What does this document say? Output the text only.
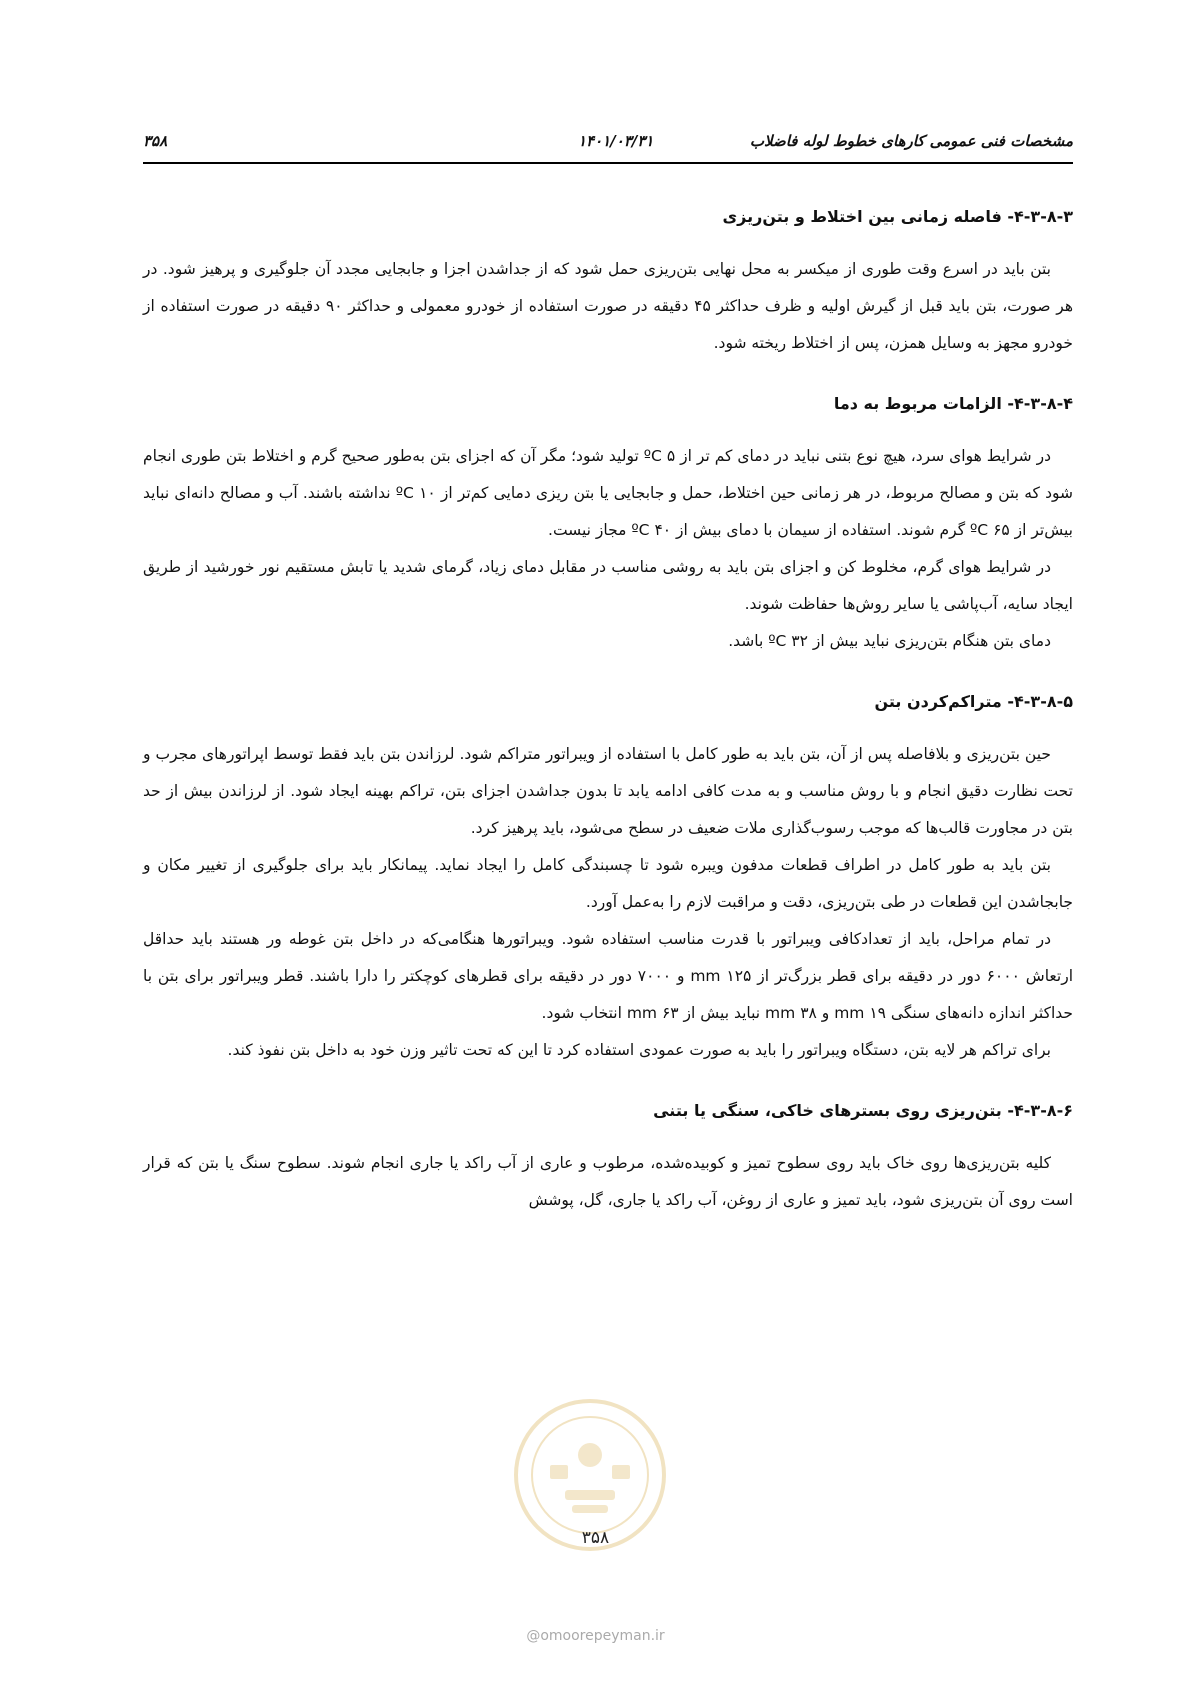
مشخصات فنی عمومی کارهای خطوط لوله فاضلاب
۱۴۰۱/۰۳/۳۱
۳۵۸
۴-۳-۸-۳- فاصله زمانی بین اختلاط و بتن‌ریزی

بتن باید در اسرع وقت طوری از میکسر به محل نهایی بتن‌ریزی حمل شود که از جداشدن اجزا و جابجایی مجدد آن جلوگیری و پرهیز شود. در هر صورت، بتن باید قبل از گیرش اولیه و ظرف حداکثر ۴۵ دقیقه در صورت استفاده از خودرو معمولی و حداکثر ۹۰ دقیقه در صورت استفاده از خودرو مجهز به وسایل همزن، پس از اختلاط ریخته شود.

۴-۳-۸-۴- الزامات مربوط به دما

در شرایط هوای سرد، هیچ نوع بتنی نباید در دمای کم تر از ۵ ºC تولید شود؛ مگر آن که اجزای بتن به‌طور صحیح گرم و اختلاط بتن طوری انجام شود که بتن و مصالح مربوط، در هر زمانی حین اختلاط، حمل و جابجایی یا بتن ریزی دمایی کم‌تر از ۱۰ ºC نداشته باشند. آب و مصالح دانه‌ای نباید بیش‌تر از ۶۵ ºC گرم شوند. استفاده از سیمان با دمای بیش از ۴۰ ºC مجاز نیست.

در شرایط هوای گرم، مخلوط کن و اجزای بتن باید به روشی مناسب در مقابل دمای زیاد، گرمای شدید یا تابش مستقیم نور خورشید از طریق ایجاد سایه، آب‌پاشی یا سایر روش‌ها حفاظت شوند.

دمای بتن هنگام بتن‌ریزی نباید بیش از ۳۲ ºC باشد.

۴-۳-۸-۵- متراکم‌کردن بتن

حین بتن‌ریزی و بلافاصله پس از آن، بتن باید به طور کامل با استفاده از ویبراتور متراکم شود. لرزاندن بتن باید فقط توسط اپراتورهای مجرب و تحت نظارت دقیق انجام و با روش مناسب و به مدت کافی ادامه یابد تا بدون جداشدن اجزای بتن، تراکم بهینه ایجاد شود. از لرزاندن بیش از حد بتن در مجاورت قالب‌ها که موجب رسوب‌گذاری ملات ضعیف در سطح می‌شود، باید پرهیز کرد.

بتن باید به طور کامل در اطراف قطعات مدفون ویبره شود تا چسبندگی کامل را ایجاد نماید. پیمانکار باید برای جلوگیری از تغییر مکان و جابجاشدن این قطعات در طی بتن‌ریزی، دقت و مراقبت لازم را به‌عمل آورد.

در تمام مراحل، باید از تعدادکافی ویبراتور با قدرت مناسب استفاده شود. ویبراتورها هنگامی‌که در داخل بتن غوطه ور هستند باید حداقل ارتعاش ۶۰۰۰ دور در دقیقه برای قطر بزرگ‌تر از ۱۲۵ mm و ۷۰۰۰ دور در دقیقه برای قطرهای کوچکتر را دارا باشند. قطر ویبراتور برای بتن با حداکثر اندازه دانه‌های سنگی ۱۹ mm و ۳۸ mm نباید بیش از ۶۳ mm انتخاب شود.

برای تراکم هر لایه بتن، دستگاه ویبراتور را باید به صورت عمودی استفاده کرد تا این که تحت تاثیر وزن خود به داخل بتن نفوذ کند.

۴-۳-۸-۶- بتن‌ریزی روی بسترهای خاکی، سنگی یا بتنی

کلیه بتن‌ریزی‌ها روی خاک باید روی سطوح تمیز و کوبیده‌شده، مرطوب و عاری از آب راکد یا جاری انجام شوند. سطوح سنگ یا بتن که قرار است روی آن بتن‌ریزی شود، باید تمیز و عاری از روغن، آب راکد یا جاری، گل، پوشش

۳۵۸
@omoorepeyman.ir
